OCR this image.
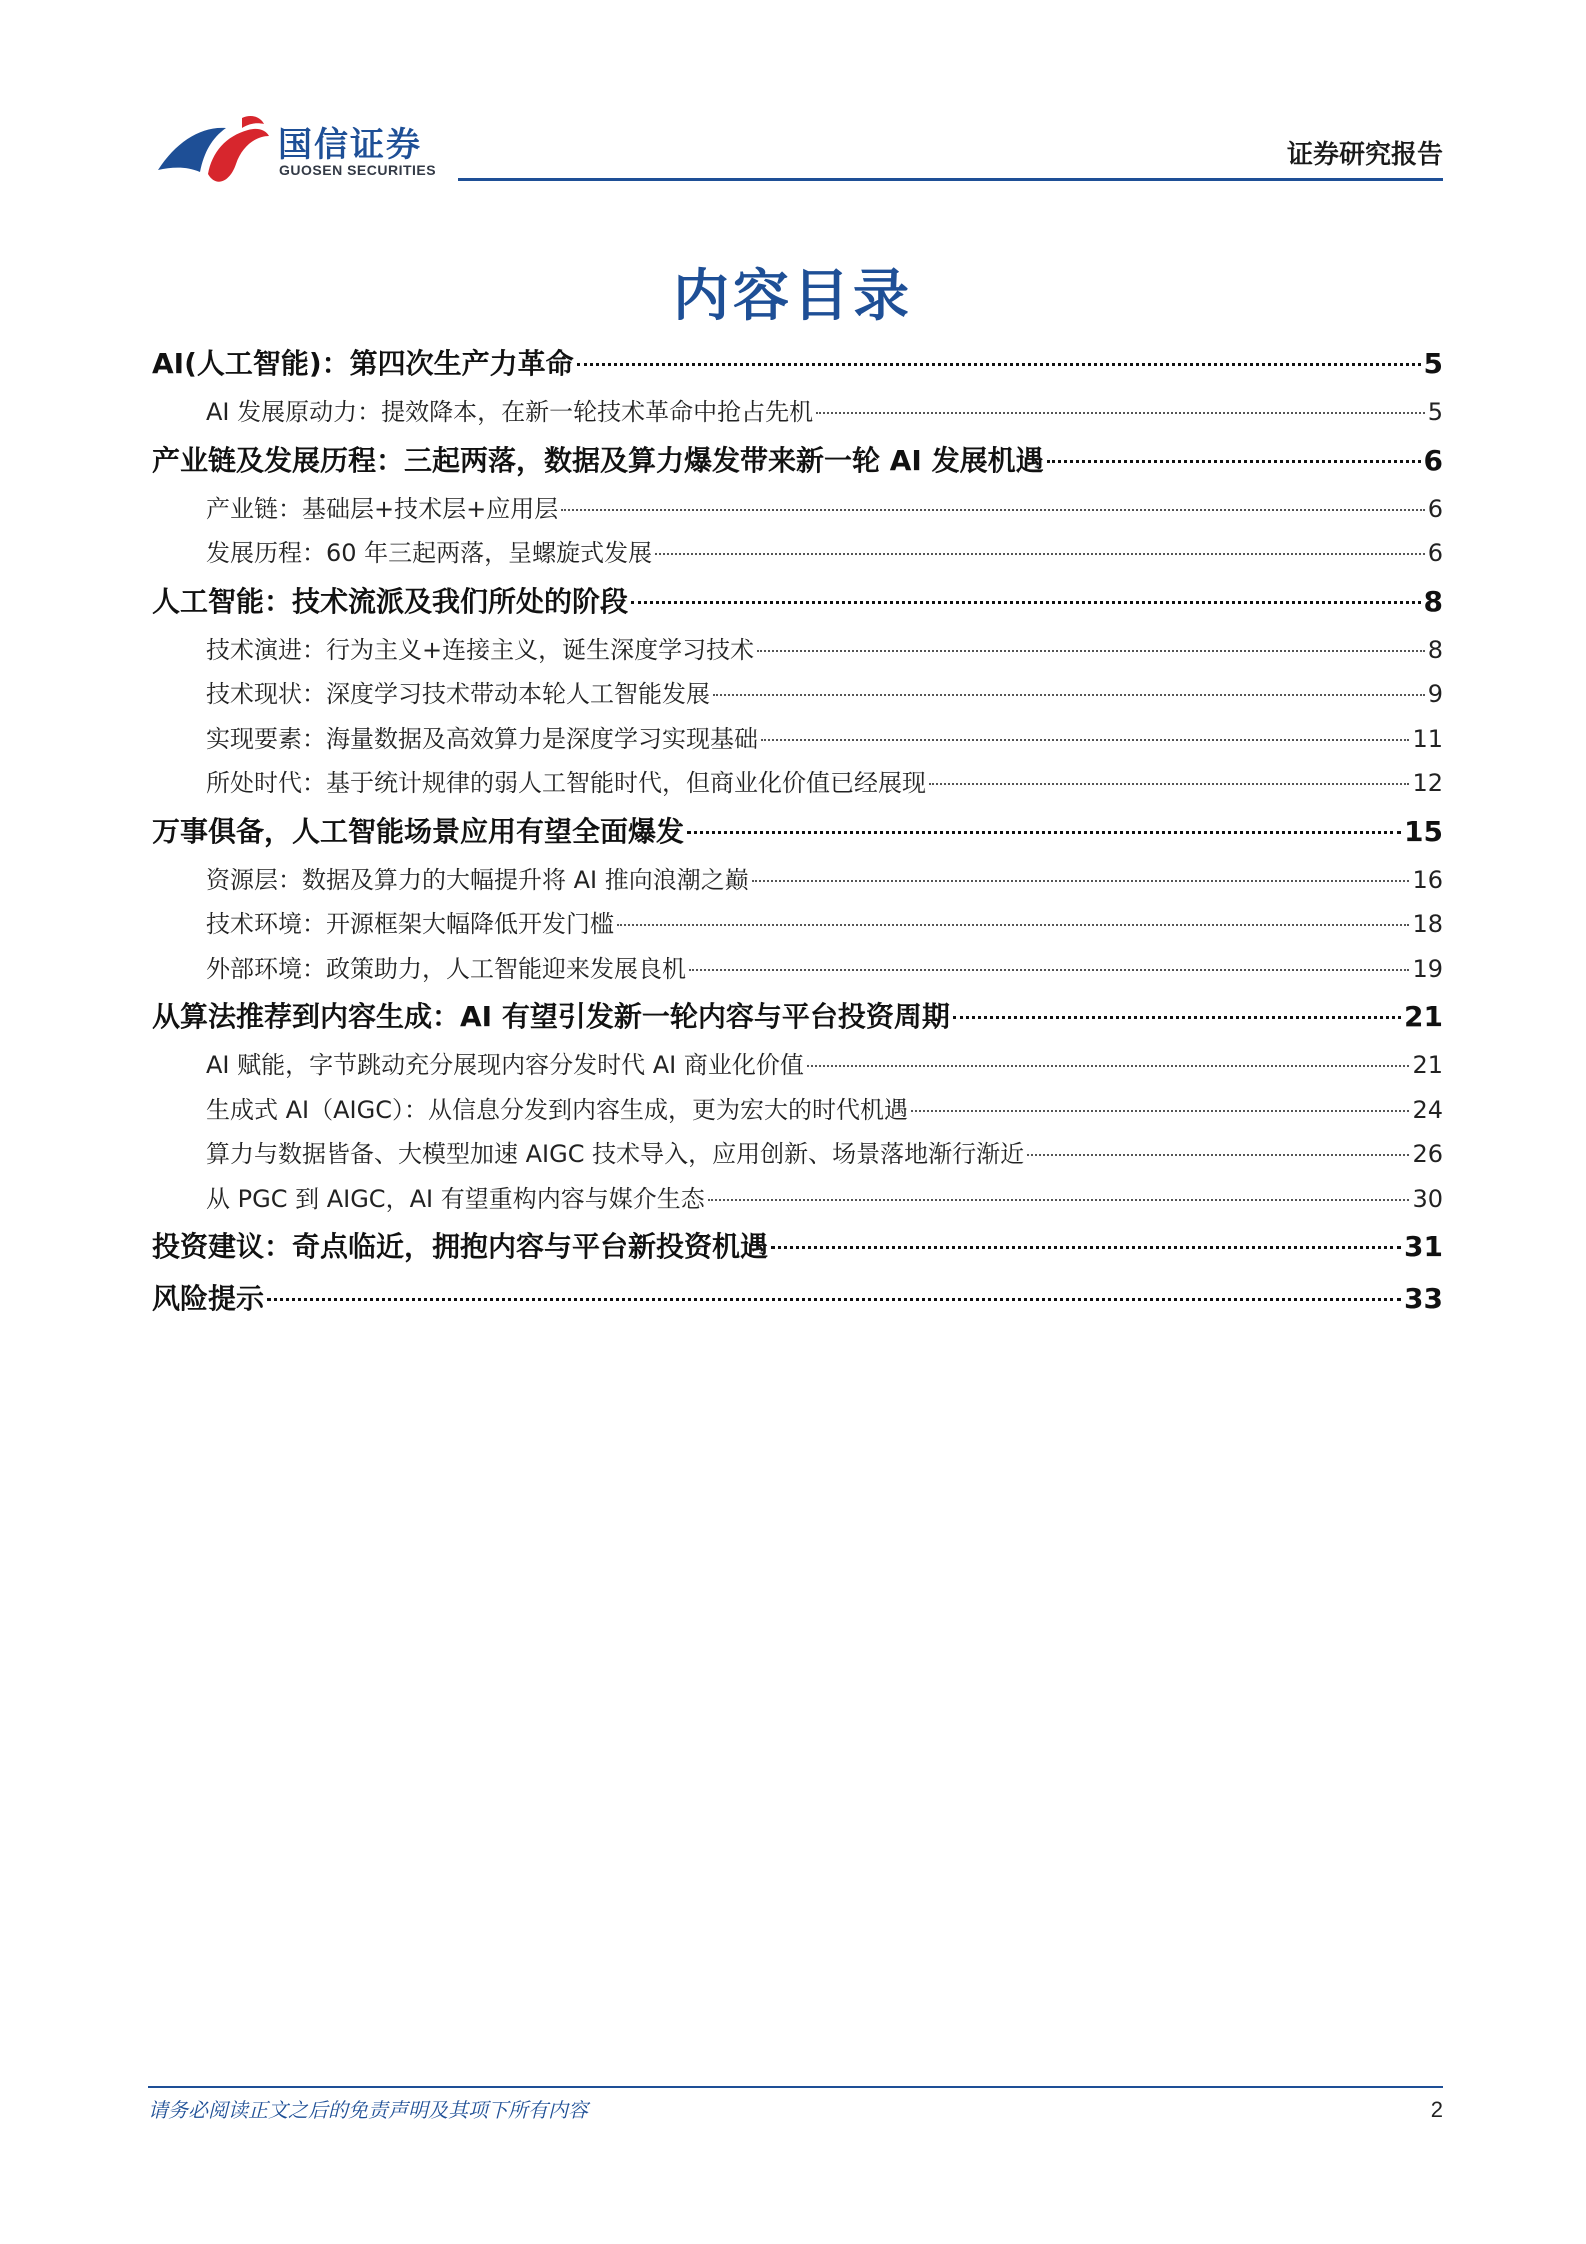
国信证券
GUOSEN SECURITIES	证券研究报告
内容目录
AI(人工智能)：第四次生产力革命	5
AI 发展原动力：提效降本，在新一轮技术革命中抢占先机	5
产业链及发展历程：三起两落，数据及算力爆发带来新一轮 AI 发展机遇	6
产业链：基础层+技术层+应用层	6
发展历程：60 年三起两落，呈螺旋式发展	6
人工智能：技术流派及我们所处的阶段	8
技术演进：行为主义+连接主义，诞生深度学习技术	8
技术现状：深度学习技术带动本轮人工智能发展	9
实现要素：海量数据及高效算力是深度学习实现基础	11
所处时代：基于统计规律的弱人工智能时代，但商业化价值已经展现	12
万事俱备，人工智能场景应用有望全面爆发	15
资源层：数据及算力的大幅提升将 AI 推向浪潮之巅	16
技术环境：开源框架大幅降低开发门槛	18
外部环境：政策助力，人工智能迎来发展良机	19
从算法推荐到内容生成：AI 有望引发新一轮内容与平台投资周期	21
AI 赋能，字节跳动充分展现内容分发时代 AI 商业化价值	21
生成式 AI（AIGC）：从信息分发到内容生成，更为宏大的时代机遇	24
算力与数据皆备、大模型加速 AIGC 技术导入，应用创新、场景落地渐行渐近	26
从 PGC 到 AIGC，AI 有望重构内容与媒介生态	30
投资建议：奇点临近，拥抱内容与平台新投资机遇	31
风险提示	33
请务必阅读正文之后的免责声明及其项下所有内容	2
